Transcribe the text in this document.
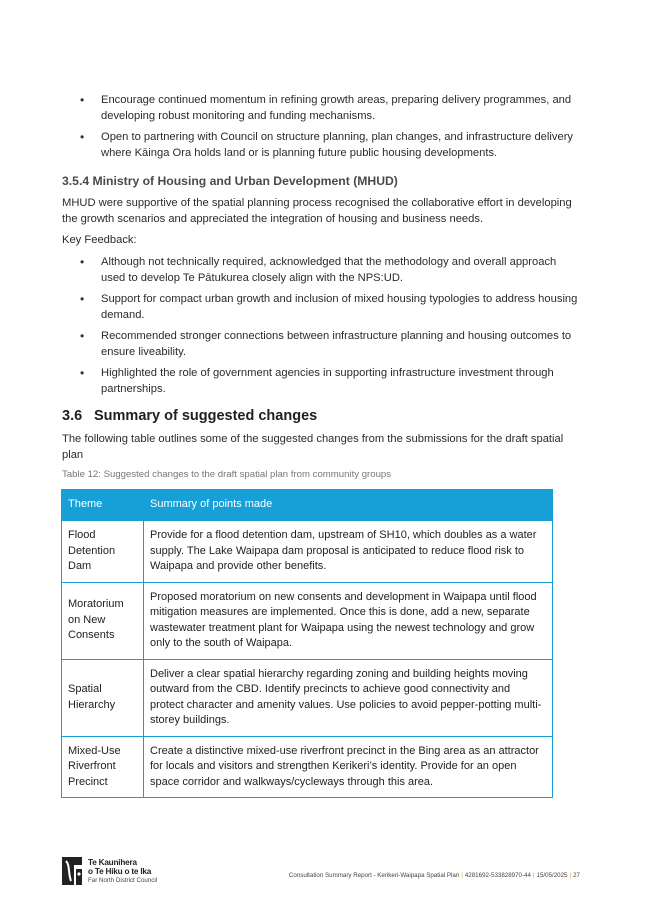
• Encourage continued momentum in refining growth areas, preparing delivery programmes, and developing robust monitoring and funding mechanisms.
• Open to partnering with Council on structure planning, plan changes, and infrastructure delivery where Kāinga Ora holds land or is planning future public housing developments.
3.5.4 Ministry of Housing and Urban Development (MHUD)
MHUD were supportive of the spatial planning process recognised the collaborative effort in developing the growth scenarios and appreciated the integration of housing and business needs.
Key Feedback:
• Although not technically required, acknowledged that the methodology and overall approach used to develop Te Pātukurea closely align with the NPS:UD.
• Support for compact urban growth and inclusion of mixed housing typologies to address housing demand.
• Recommended stronger connections between infrastructure planning and housing outcomes to ensure liveability.
• Highlighted the role of government agencies in supporting infrastructure investment through partnerships.
3.6 Summary of suggested changes
The following table outlines some of the suggested changes from the submissions for the draft spatial plan
Table 12: Suggested changes to the draft spatial plan from community groups
Theme	Summary of points made
Flood Detention Dam	Provide for a flood detention dam, upstream of SH10, which doubles as a water supply. The Lake Waipapa dam proposal is anticipated to reduce flood risk to Waipapa and provide other benefits.
Moratorium on New Consents	Proposed moratorium on new consents and development in Waipapa until flood mitigation measures are implemented. Once this is done, add a new, separate wastewater treatment plant for Waipapa using the newest technology and grow only to the south of Waipapa.
Spatial Hierarchy	Deliver a clear spatial hierarchy regarding zoning and building heights moving outward from the CBD. Identify precincts to achieve good connectivity and protect character and amenity values. Use policies to avoid pepper-potting multi-storey buildings.
Mixed-Use Riverfront Precinct	Create a distinctive mixed-use riverfront precinct in the Bing area as an attractor for locals and visitors and strengthen Kerikeri’s identity. Provide for an open space corridor and walkways/cycleways through this area.
Te Kaunihera
o Te Hiku o te Ika
Far North District Council
Consultation Summary Report - Kerikeri-Waipapa Spatial Plan | 4281692-533828970-44 | 15/05/2025 | 27
